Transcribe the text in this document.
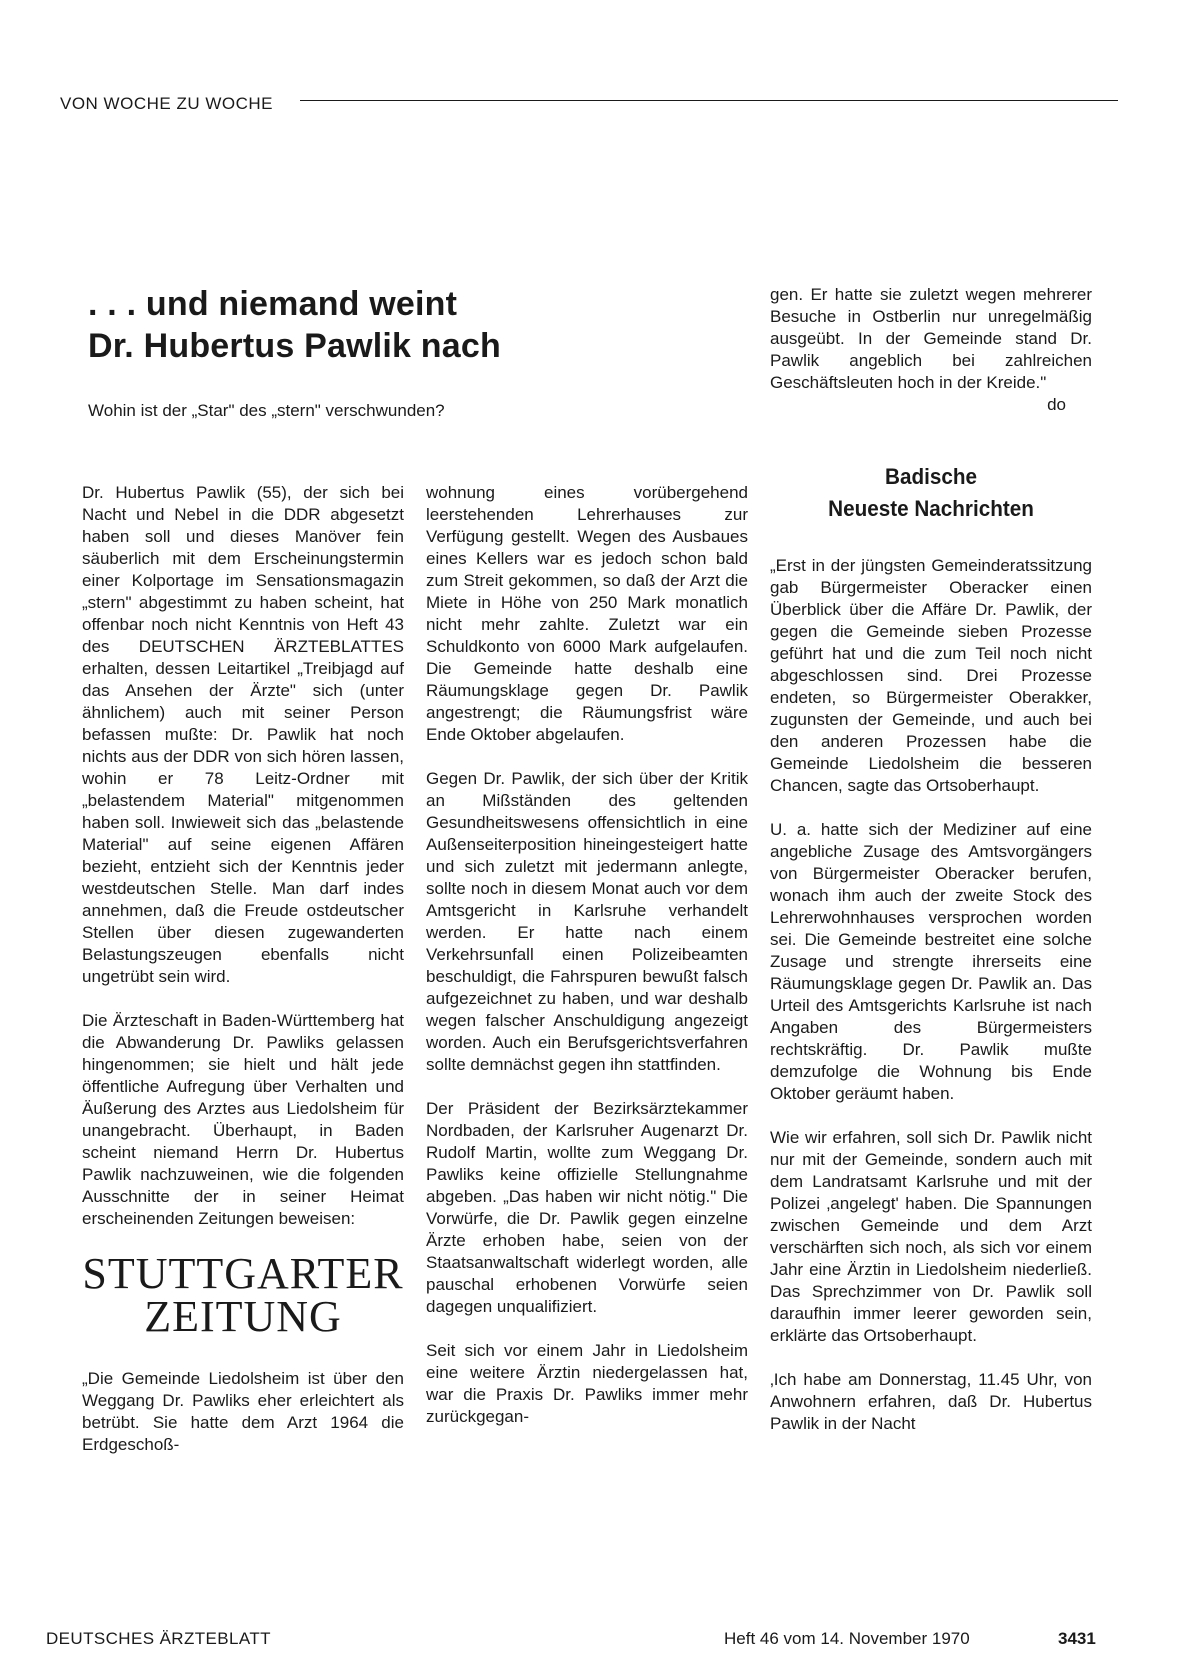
VON WOCHE ZU WOCHE
. . . und niemand weint
Dr. Hubertus Pawlik nach
Wohin ist der „Star" des „stern" verschwunden?

Dr. Hubertus Pawlik (55), der sich bei Nacht und Nebel in die DDR abgesetzt haben soll und dieses Manöver fein säuberlich mit dem Erscheinungstermin einer Kolportage im Sensationsmagazin „stern" abgestimmt zu haben scheint, hat offenbar noch nicht Kenntnis von Heft 43 des DEUTSCHEN ÄRZTEBLATTES erhalten, dessen Leitartikel „Treibjagd auf das Ansehen der Ärzte" sich (unter ähnlichem) auch mit seiner Person befassen mußte: Dr. Pawlik hat noch nichts aus der DDR von sich hören lassen, wohin er 78 Leitz-Ordner mit „belastendem Material" mitgenommen haben soll. Inwieweit sich das „belastende Material" auf seine eigenen Affären bezieht, entzieht sich der Kenntnis jeder westdeutschen Stelle. Man darf indes annehmen, daß die Freude ostdeutscher Stellen über diesen zugewanderten Belastungszeugen ebenfalls nicht ungetrübt sein wird.

Die Ärzteschaft in Baden-Württemberg hat die Abwanderung Dr. Pawliks gelassen hingenommen; sie hielt und hält jede öffentliche Aufregung über Verhalten und Äußerung des Arztes aus Liedolsheim für unangebracht. Überhaupt, in Baden scheint niemand Herrn Dr. Hubertus Pawlik nachzuweinen, wie die folgenden Ausschnitte der in seiner Heimat erscheinenden Zeitungen beweisen:

STUTTGARTER
ZEITUNG

„Die Gemeinde Liedolsheim ist über den Weggang Dr. Pawliks eher erleichtert als betrübt. Sie hatte dem Arzt 1964 die Erdgeschoß-

wohnung eines vorübergehend leerstehenden Lehrerhauses zur Verfügung gestellt. Wegen des Ausbaues eines Kellers war es jedoch schon bald zum Streit gekommen, so daß der Arzt die Miete in Höhe von 250 Mark monatlich nicht mehr zahlte. Zuletzt war ein Schuldkonto von 6000 Mark aufgelaufen. Die Gemeinde hatte deshalb eine Räumungsklage gegen Dr. Pawlik angestrengt; die Räumungsfrist wäre Ende Oktober abgelaufen.

Gegen Dr. Pawlik, der sich über der Kritik an Mißständen des geltenden Gesundheitswesens offensichtlich in eine Außenseiterposition hineingesteigert hatte und sich zuletzt mit jedermann anlegte, sollte noch in diesem Monat auch vor dem Amtsgericht in Karlsruhe verhandelt werden. Er hatte nach einem Verkehrsunfall einen Polizeibeamten beschuldigt, die Fahrspuren bewußt falsch aufgezeichnet zu haben, und war deshalb wegen falscher Anschuldigung angezeigt worden. Auch ein Berufsgerichtsverfahren sollte demnächst gegen ihn stattfinden.

Der Präsident der Bezirksärztekammer Nordbaden, der Karlsruher Augenarzt Dr. Rudolf Martin, wollte zum Weggang Dr. Pawliks keine offizielle Stellungnahme abgeben. „Das haben wir nicht nötig." Die Vorwürfe, die Dr. Pawlik gegen einzelne Ärzte erhoben habe, seien von der Staatsanwaltschaft widerlegt worden, alle pauschal erhobenen Vorwürfe seien dagegen unqualifiziert.

Seit sich vor einem Jahr in Liedolsheim eine weitere Ärztin niedergelassen hat, war die Praxis Dr. Pawliks immer mehr zurückgegan-

gen. Er hatte sie zuletzt wegen mehrerer Besuche in Ostberlin nur unregelmäßig ausgeübt. In der Gemeinde stand Dr. Pawlik angeblich bei zahlreichen Geschäftsleuten hoch in der Kreide."

do
Badische
Neueste Nachrichten

„Erst in der jüngsten Gemeinderatssitzung gab Bürgermeister Oberacker einen Überblick über die Affäre Dr. Pawlik, der gegen die Gemeinde sieben Prozesse geführt hat und die zum Teil noch nicht abgeschlossen sind. Drei Prozesse endeten, so Bürgermeister Oberakker, zugunsten der Gemeinde, und auch bei den anderen Prozessen habe die Gemeinde Liedolsheim die besseren Chancen, sagte das Ortsoberhaupt.

U. a. hatte sich der Mediziner auf eine angebliche Zusage des Amtsvorgängers von Bürgermeister Oberacker berufen, wonach ihm auch der zweite Stock des Lehrerwohnhauses versprochen worden sei. Die Gemeinde bestreitet eine solche Zusage und strengte ihrerseits eine Räumungsklage gegen Dr. Pawlik an. Das Urteil des Amtsgerichts Karlsruhe ist nach Angaben des Bürgermeisters rechtskräftig. Dr. Pawlik mußte demzufolge die Wohnung bis Ende Oktober geräumt haben.

Wie wir erfahren, soll sich Dr. Pawlik nicht nur mit der Gemeinde, sondern auch mit dem Landratsamt Karlsruhe und mit der Polizei ‚angelegt' haben. Die Spannungen zwischen Gemeinde und dem Arzt verschärften sich noch, als sich vor einem Jahr eine Ärztin in Liedolsheim niederließ. Das Sprechzimmer von Dr. Pawlik soll daraufhin immer leerer geworden sein, erklärte das Ortsoberhaupt.

‚Ich habe am Donnerstag, 11.45 Uhr, von Anwohnern erfahren, daß Dr. Hubertus Pawlik in der Nacht

DEUTSCHES ÄRZTEBLATT	Heft 46 vom 14. November 1970	3431
